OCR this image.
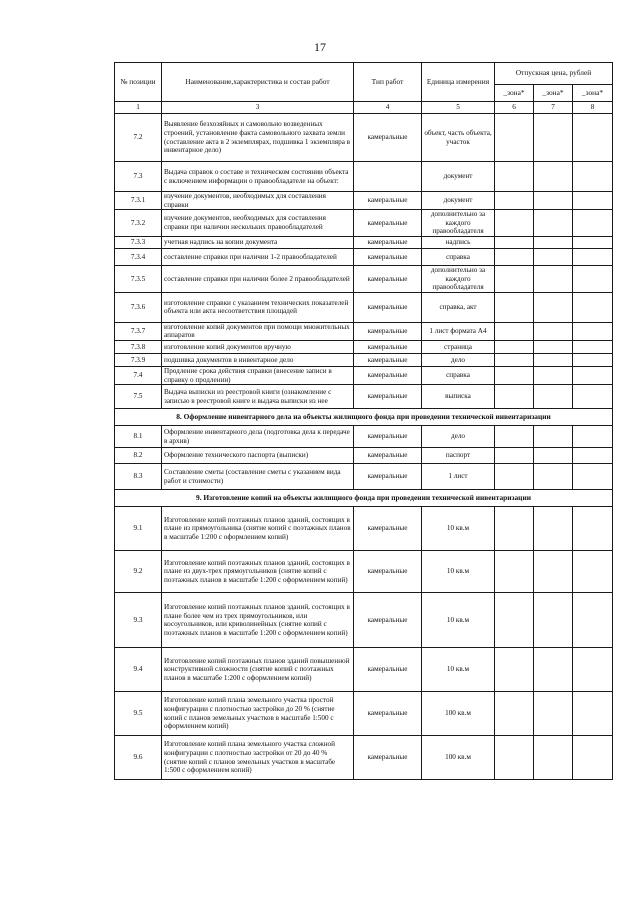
17
№ позиции	Наименование,характеристика и состав работ	Тип работ	Единица измерения	Отпускная цена, рублей		
				_зона*	_зона*	_зона*
1	3	4	5	6	7	8
7.2	Выявление безхозяйных и самовольно возведенных строений, установление факта самовольного захвата земли (составление акта в 2 экземплярах, подшивка 1 экземпляра в инвентарное дело)	камеральные	объект, часть объекта, участок			
7.3	Выдача справок о составе и техническом состоянии объекта с включением информации о правообладателе на объект:		документ			
7.3.1	изучение документов, необходимых для составления справки	камеральные	документ			
7.3.2	изучение документов, необходимых для составления справки при наличии нескольких правообладателей	камеральные	дополнительно за каждого правообладателя			
7.3.3	учетная надпись на копии документа	камеральные	надпись			
7.3.4	составление справки при наличии 1-2 правообладателей	камеральные	справка			
7.3.5	составление справки при наличии более 2 правообладателей	камеральные	дополнительно за каждого правообладателя			
7.3.6	изготовление справки с указанием технических показателей объекта или акта несоответствия площадей	камеральные	справка, акт			
7.3.7	изготовление копий документов при помощи множительных аппаратов	камеральные	1 лист формата А4			
7.3.8	изготовление копий документов вручную	камеральные	страница			
7.3.9	подшивка документов в инвентарное дело	камеральные	дело			
7.4	Продление срока действия справки (внесение записи в справку о продлении)	камеральные	справка			
7.5	Выдача выписки из реестровой книги (ознакомление с записью в реестровой книге и выдача выписки из нее	камеральные	выписка			
8. Оформление инвентарного дела на объекты жилищного фонда при проведении технической инвентаризации						
8.1	Оформление инвентарного дела (подготовка дела к передаче в архив)	камеральные	дело			
8.2	Оформление технического паспорта (выписки)	камеральные	паспорт			
8.3	Составление сметы (составление сметы с указанием вида работ и стоимости)	камеральные	1 лист			
9. Изготовление копий на объекты жилищного фонда при проведении технической инвентаризации						
9.1	Изготовление копий поэтажных планов зданий, состоящих в плане из прямоугольника (снятие копий с поэтажных планов в масштабе 1:200 с оформлением копий)	камеральные	10 кв.м			
9.2	Изготовление копий поэтажных планов зданий, состоящих в плане из двух-трех прямоугольников (снятие копий с поэтажных планов в масштабе 1:200 с оформлением копий)	камеральные	10 кв.м			
9.3	Изготовление копий поэтажных планов зданий, состоящих в плане более чем из трех прямоугольников, или косоугольников, или криволинейных (снятие копий с поэтажных планов в масштабе 1:200 с оформлением копий)	камеральные	10 кв.м			
9.4	Изготовление копий поэтажных планов зданий повышенной конструктивной сложности (снятие копий с поэтажных планов в масштабе 1:200 с оформлением копий)	камеральные	10 кв.м			
9.5	Изготовление копий плана земельного участка простой конфигурации с плотностью застройки до 20 % (снятие копий с планов земельных участков в масштабе 1:500 с оформлением копий)	камеральные	100 кв.м			
9.6	Изготовление копий плана земельного участка сложной конфигурации с плотностью застройки от 20 до 40 % (снятие копий с планов земельных участков в масштабе 1:500 с оформлением копий)	камеральные	100 кв.м			
